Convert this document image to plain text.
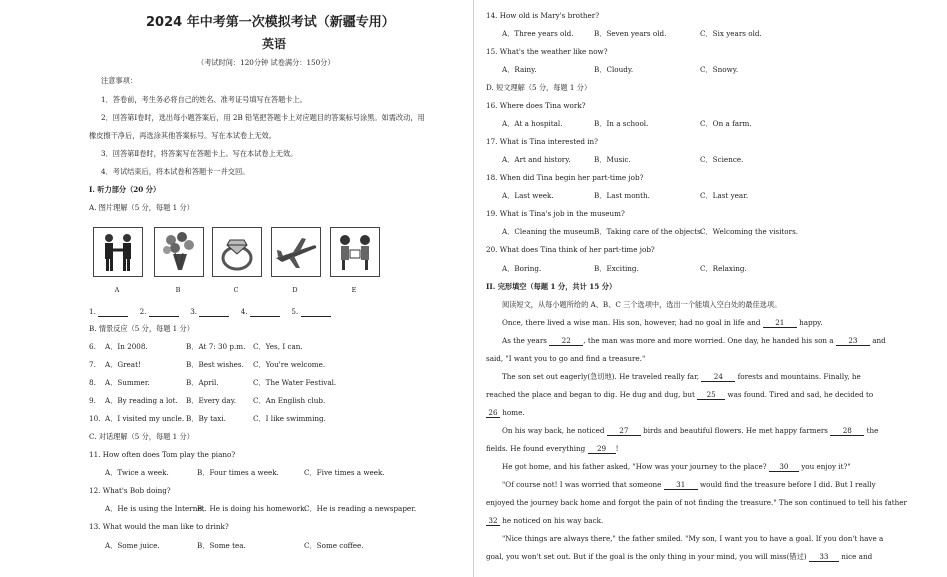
2024 年中考第一次模拟考试（新疆专用）
英语
（考试时间：120分钟 试卷满分：150分）
注意事项：
1．答卷前，考生务必将自己的姓名、准考证号填写在答题卡上。
2．回答第Ⅰ卷时，选出每小题答案后，用 2B 铅笔把答题卡上对应题目的答案标号涂黑。如需改动，用
橡皮擦干净后，再选涂其他答案标号。写在本试卷上无效。
3．回答第Ⅱ卷时，将答案写在答题卡上。写在本试卷上无效。
4．考试结束后，将本试卷和答题卡一并交回。
Ⅰ. 听力部分（20 分）
A. 图片理解（5 分，每题 1 分）
A	B	C	D	E
1.	2.	3.	4.	5.
B. 情景反应（5 分，每题 1 分）
6. A．In 2008.	B．At 7: 30 p.m. C．Yes, I can.
7. A．Great!	B．Best wishes. C．You're welcome.
8. A．Summer.	B．April.	C．The Water Festival.
9. A．By reading a lot. B．Every day. C．An English club.
10. A．I visited my uncle. B．By taxi.	C．I like swimming.
C. 对话理解（5 分，每题 1 分）
11. How often does Tom play the piano?
A．Twice a week.	B．Four times a week.	C．Five times a week.
12. What's Bob doing?
A．He is using the Internet.
B．He is doing his homework.
C．He is reading a newspaper.
13. What would the man like to drink?
A．Some juice.	B．Some tea.	C．Some coffee.
14. How old is Mary's brother?
A．Three years old.	B．Seven years old.	C．Six years old.
15. What's the weather like now?
A．Rainy.	B．Cloudy.	C．Snowy.
D. 短文理解（5 分，每题 1 分）
16. Where does Tina work?
A．At a hospital.	B．In a school.	C．On a farm.
17. What is Tina interested in?
A．Art and history.	B．Music.	C．Science.
18. When did Tina begin her part-time job?
A．Last week.	B．Last month.	C．Last year.
19. What is Tina's job in the museum?
A．Cleaning the museum.
B．Taking care of the objects.
C．Welcoming the visitors.
20. What does Tina think of her part-time job?
A．Boring.	B．Exciting.	C．Relaxing.
II. 完形填空（每题 1 分，共计 15 分）
阅读短文，从每小题所给的 A、B、C 三个选项中，选出一个能填入空白处的最佳选项。
Once, there lived a wise man. His son, however, had no goal in life and 21 happy.
As the years 22 , the man was more and more worried. One day, he handed his son a 23 and
said, "I want you to go and find a treasure."
The son set out eagerly(急切地). He traveled really far, 24 forests and mountains. Finally, he
reached the place and began to dig. He dug and dug, but 25 was found. Tired and sad, he decided to
26 home.
On his way back, he noticed 27 birds and beautiful flowers. He met happy farmers 28 the
fields. He found everything 29 !
He got home, and his father asked, "How was your journey to the place? 30 you enjoy it?"
"Of course not! I was worried that someone 31 would find the treasure before I did. But I really
enjoyed the journey back home and forgot the pain of not finding the treasure." The son continued to tell his father
32 he noticed on his way back.
"Nice things are always there," the father smiled. "My son, I want you to have a goal. If you don't have a
goal, you won't set out. But if the goal is the only thing in your mind, you will miss(错过) 33 nice and
